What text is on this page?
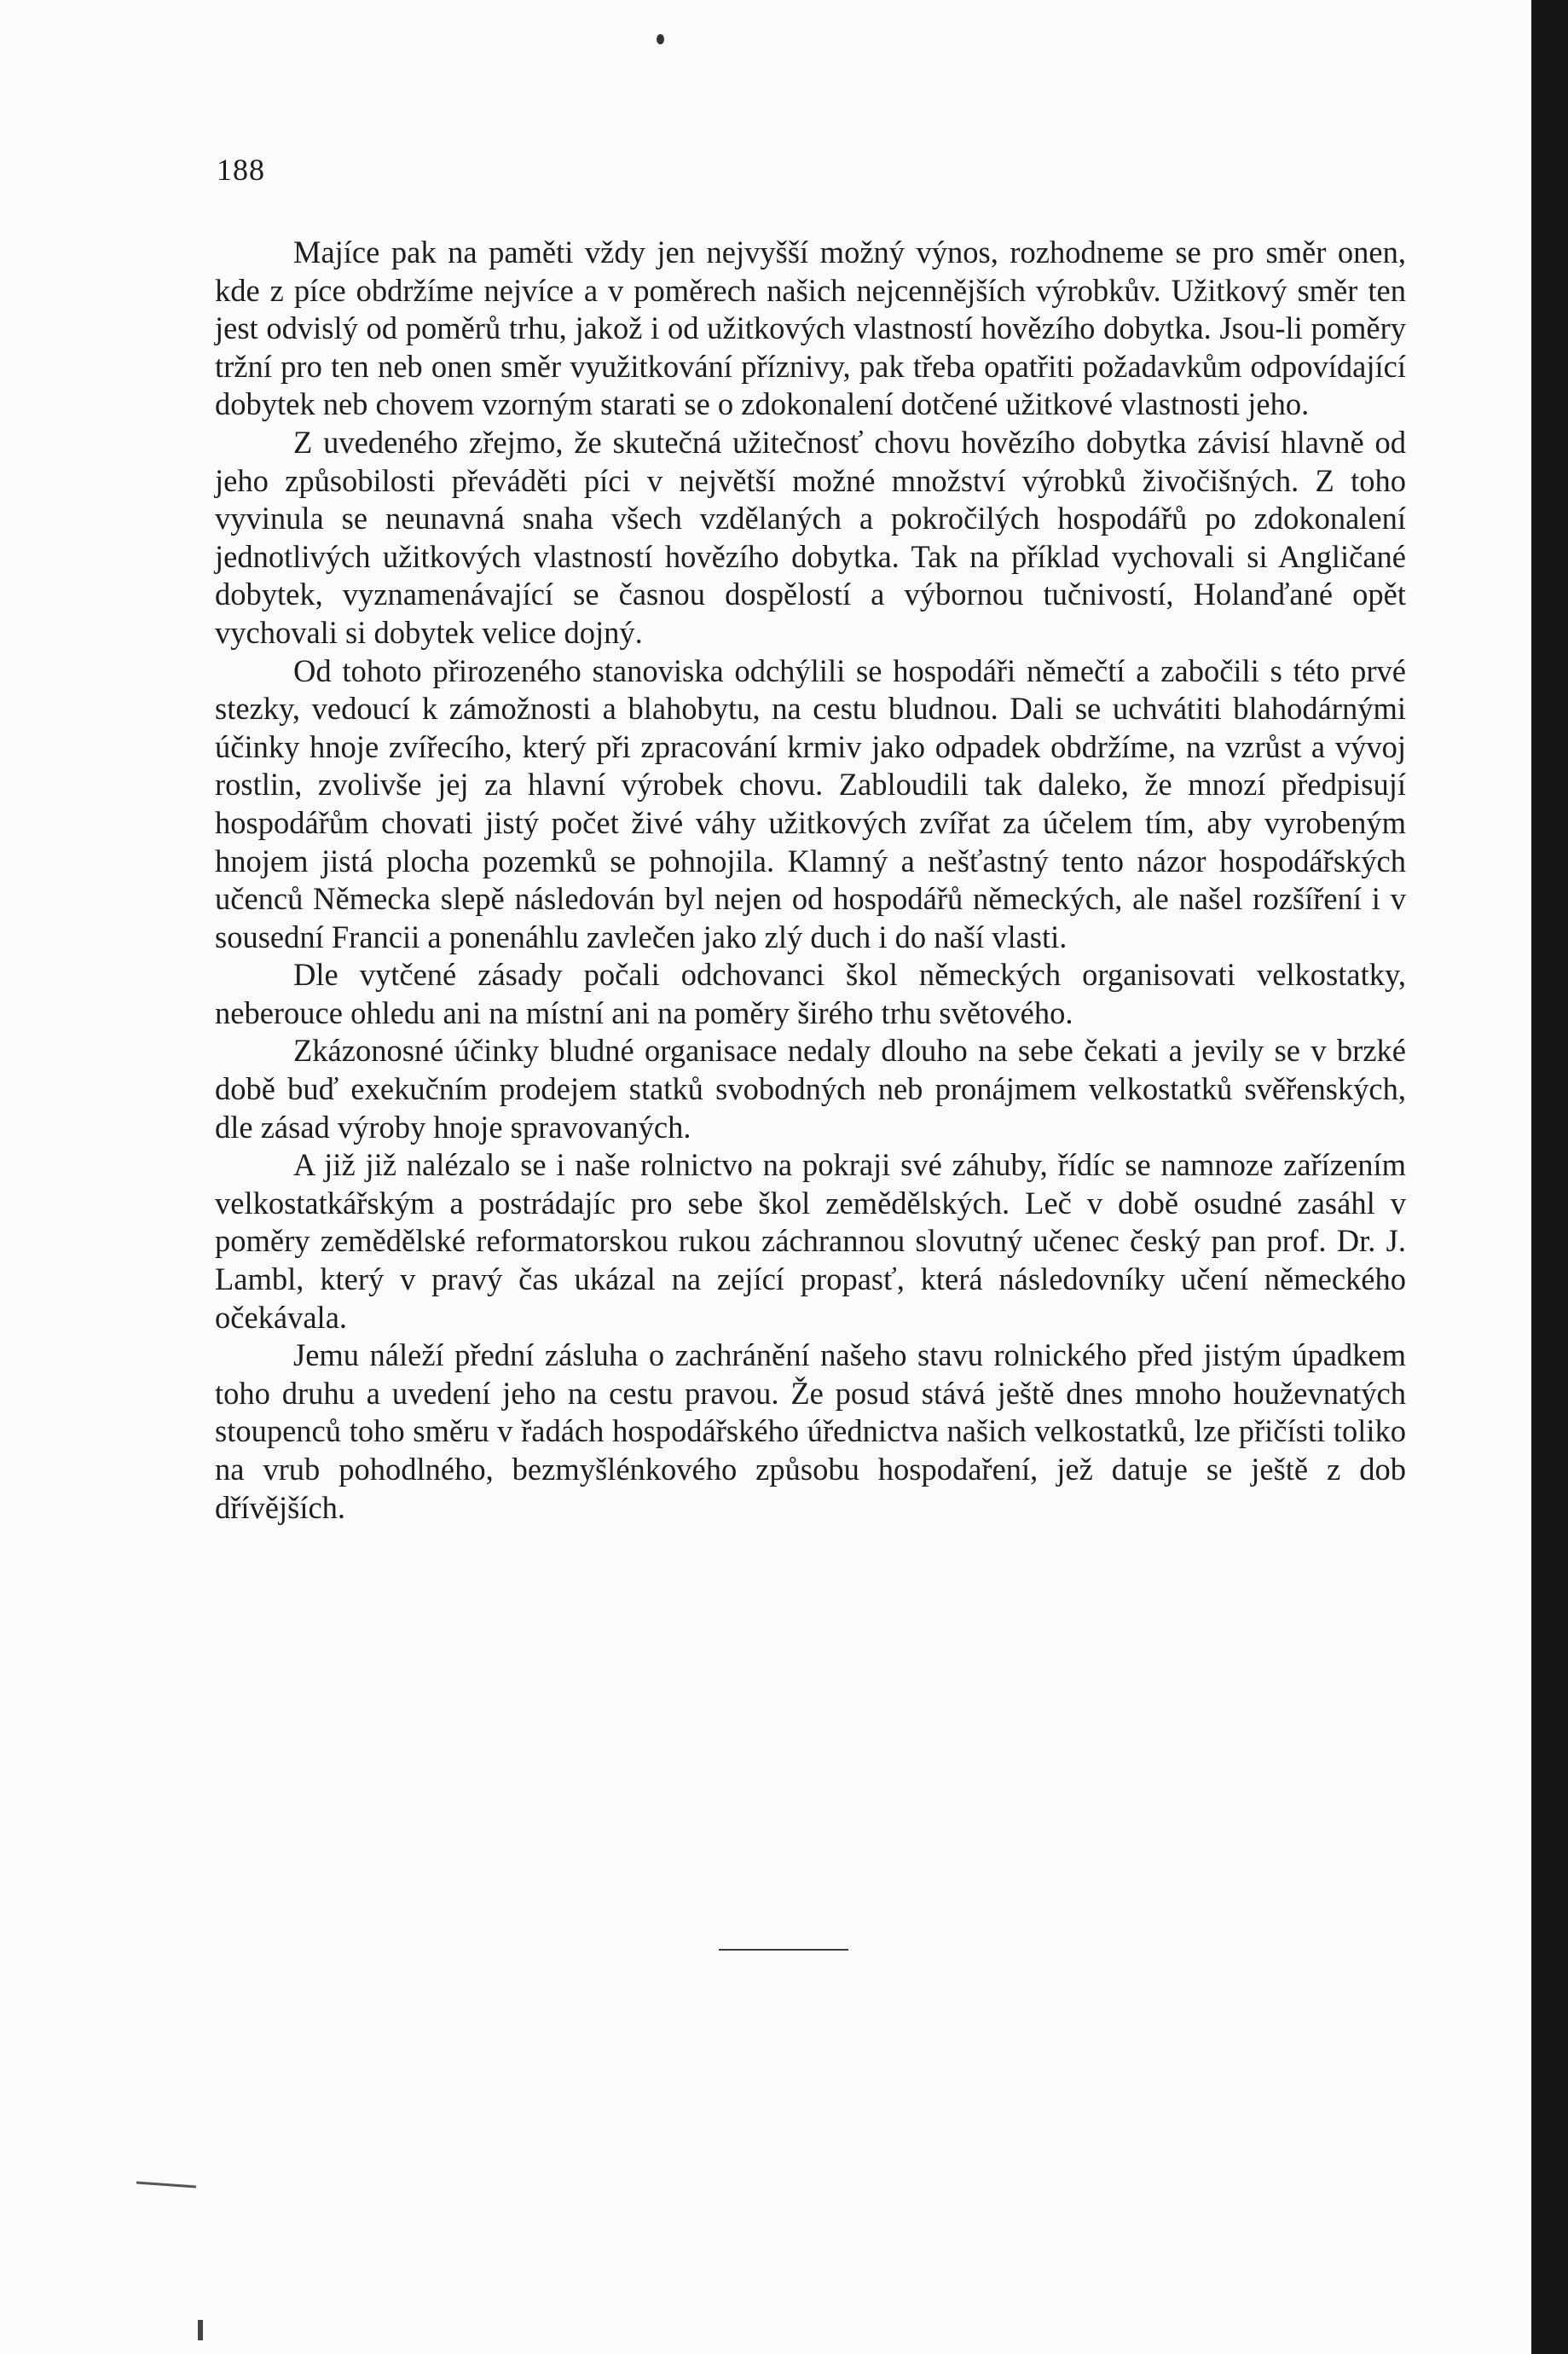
188

Majíce pak na paměti vždy jen nejvyšší možný výnos, rozhodneme se pro směr onen, kde z píce obdržíme nejvíce a v poměrech našich nejcennějších výrobkův. Užitkový směr ten jest odvislý od poměrů trhu, jakož i od užitkových vlastností hovězího dobytka. Jsou-li poměry tržní pro ten neb onen směr využitkování příznivy, pak třeba opatřiti požadavkům odpovídající dobytek neb chovem vzorným starati se o zdokonalení dotčené užitkové vlastnosti jeho.

Z uvedeného zřejmo, že skutečná užitečnosť chovu hovězího dobytka závisí hlavně od jeho způsobilosti převáděti píci v největší možné množství výrobků živočišných. Z toho vyvinula se neunavná snaha všech vzdělaných a pokročilých hospodářů po zdokonalení jednotlivých užitkových vlastností hovězího dobytka. Tak na příklad vychovali si Angličané dobytek, vyznamenávající se časnou dospělostí a výbornou tučnivostí, Holanďané opět vychovali si dobytek velice dojný.

Od tohoto přirozeného stanoviska odchýlili se hospodáři němečtí a zabočili s této prvé stezky, vedoucí k zámožnosti a blahobytu, na cestu bludnou. Dali se uchvátiti blahodárnými účinky hnoje zvířecího, který při zpracování krmiv jako odpadek obdržíme, na vzrůst a vývoj rostlin, zvolivše jej za hlavní výrobek chovu. Zabloudili tak daleko, že mnozí předpisují hospodářům chovati jistý počet živé váhy užitkových zvířat za účelem tím, aby vyrobeným hnojem jistá plocha pozemků se pohnojila. Klamný a nešťastný tento názor hospodářských učenců Německa slepě následován byl nejen od hospodářů německých, ale našel rozšíření i v sousední Francii a ponenáhlu zavlečen jako zlý duch i do naší vlasti.

Dle vytčené zásady počali odchovanci škol německých organisovati velkostatky, neberouce ohledu ani na místní ani na poměry širého trhu světového.

Zkázonosné účinky bludné organisace nedaly dlouho na sebe čekati a jevily se v brzké době buď exekučním prodejem statků svobodných neb pronájmem velkostatků svěřenských, dle zásad výroby hnoje spravovaných.

A již již nalézalo se i naše rolnictvo na pokraji své záhuby, řídíc se namnoze zařízením velkostatkářským a postrádajíc pro sebe škol zemědělských. Leč v době osudné zasáhl v poměry zemědělské reformatorskou rukou záchrannou slovutný učenec český pan prof. Dr. J. Lambl, který v pravý čas ukázal na zející propasť, která následovníky učení německého očekávala.

Jemu náleží přední zásluha o zachránění našeho stavu rolnického před jistým úpadkem toho druhu a uvedení jeho na cestu pravou. Že posud stává ještě dnes mnoho houževnatých stoupenců toho směru v řadách hospodářského úřednictva našich velkostatků, lze přičísti toliko na vrub pohodlného, bezmyšlénkového způsobu hospodaření, jež datuje se ještě z dob dřívějších.
